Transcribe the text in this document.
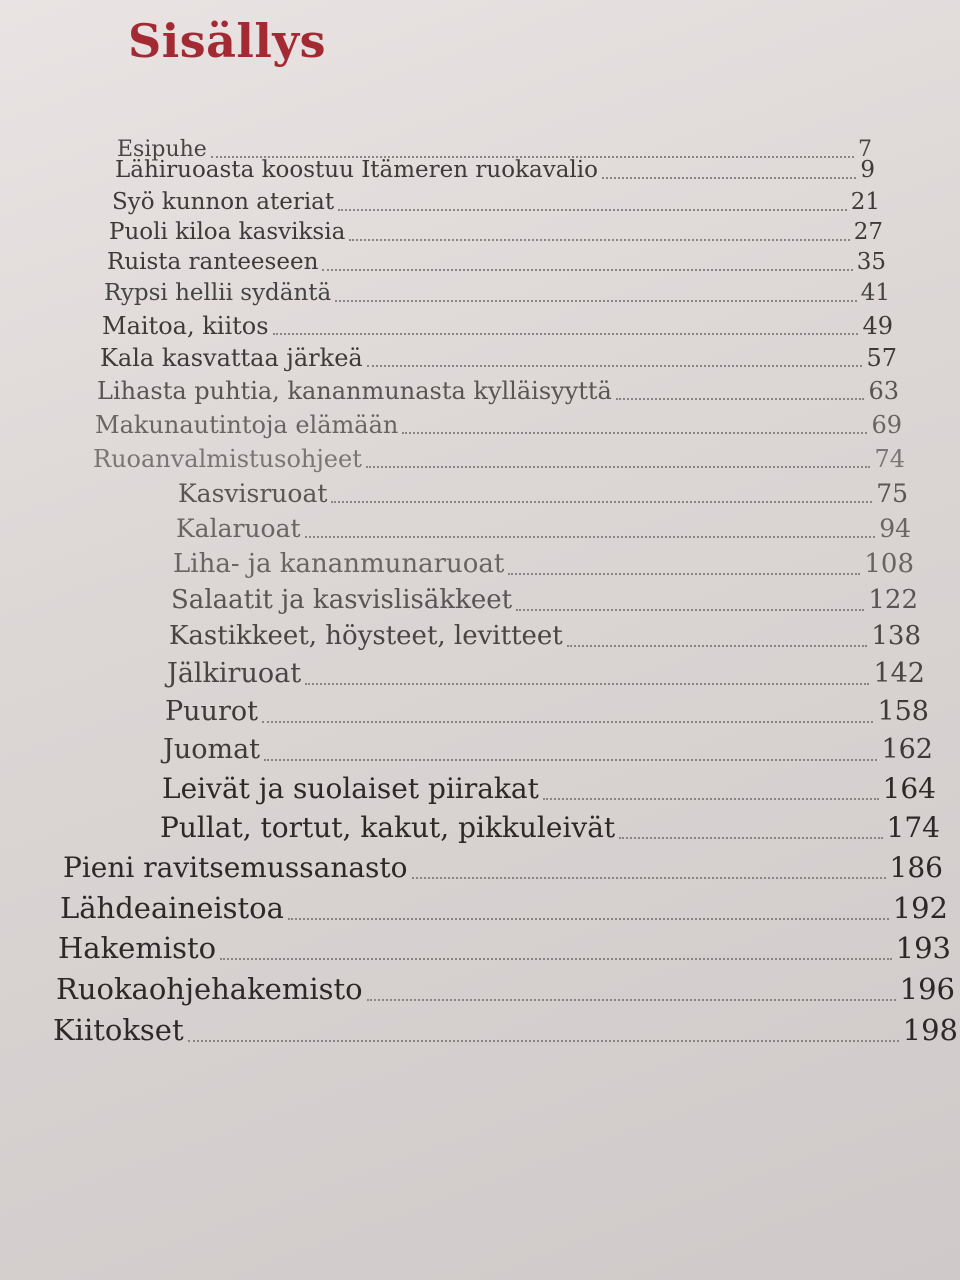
Sisällys
Esipuhe	7
Lähiruoasta koostuu Itämeren ruokavalio	9
Syö kunnon ateriat	21
Puoli kiloa kasviksia	27
Ruista ranteeseen	35
Rypsi hellii sydäntä	41
Maitoa, kiitos	49
Kala kasvattaa järkeä	57
Lihasta puhtia, kananmunasta kylläisyyttä	63
Makunautintoja elämään	69
Ruoanvalmistusohjeet	74
Kasvisruoat	75
Kalaruoat	94
Liha- ja kananmunaruoat	108
Salaatit ja kasvislisäkkeet	122
Kastikkeet, höysteet, levitteet	138
Jälkiruoat	142
Puurot	158
Juomat	162
Leivät ja suolaiset piirakat	164
Pullat, tortut, kakut, pikkuleivät	174
Pieni ravitsemussanasto	186
Lähdeaineistoa	192
Hakemisto	193
Ruokaohjehakemisto	196
Kiitokset	198
